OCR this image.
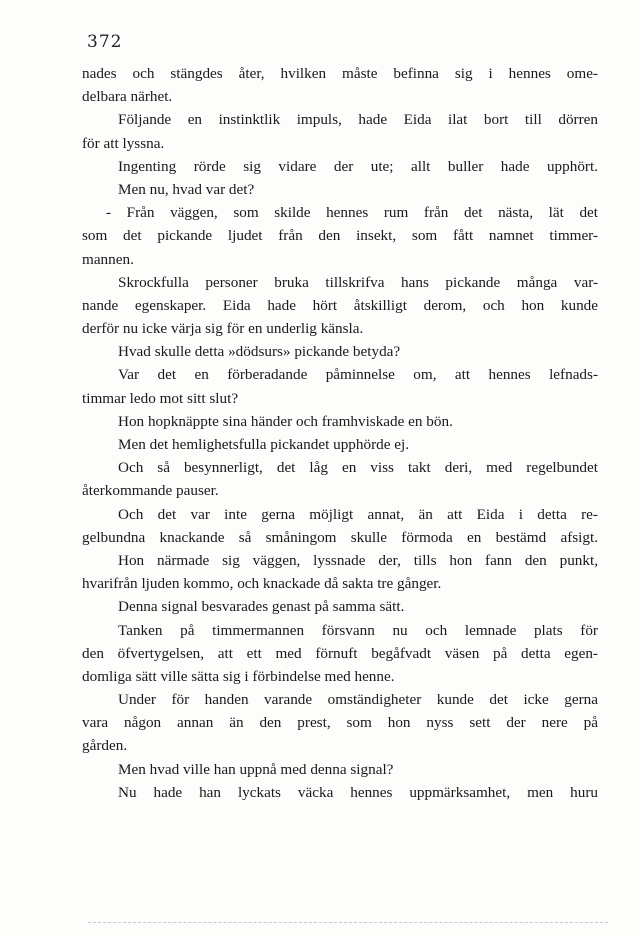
372
nades och stängdes åter, hvilken måste befinna sig i hennes ome-
delbara närhet.
Följande en instinktlik impuls, hade Eida ilat bort till dörren
för att lyssna.
Ingenting rörde sig vidare der ute; allt buller hade upphört.
Men nu, hvad var det?
- Från väggen, som skilde hennes rum från det nästa, lät det
som det pickande ljudet från den insekt, som fått namnet timmer-
mannen.
Skrockfulla personer bruka tillskrifva hans pickande många var-
nande egenskaper. Eida hade hört åtskilligt derom, och hon kunde
derför nu icke värja sig för en underlig känsla.
Hvad skulle detta »dödsurs» pickande betyda?
Var det en förberadande påminnelse om, att hennes lefnads-
timmar ledo mot sitt slut?
Hon hopknäppte sina händer och framhviskade en bön.
Men det hemlighetsfulla pickandet upphörde ej.
Och så besynnerligt, det låg en viss takt deri, med regelbundet
återkommande pauser.
Och det var inte gerna möjligt annat, än att Eida i detta re-
gelbundna knackande så småningom skulle förmoda en bestämd afsigt.
Hon närmade sig väggen, lyssnade der, tills hon fann den punkt,
hvarifrån ljuden kommo, och knackade då sakta tre gånger.
Denna signal besvarades genast på samma sätt.
Tanken på timmermannen försvann nu och lemnade plats för
den öfvertygelsen, att ett med förnuft begåfvadt väsen på detta egen-
domliga sätt ville sätta sig i förbindelse med henne.
Under för handen varande omständigheter kunde det icke gerna
vara någon annan än den prest, som hon nyss sett der nere på
gården.
Men hvad ville han uppnå med denna signal?
Nu hade han lyckats väcka hennes uppmärksamhet, men huru
